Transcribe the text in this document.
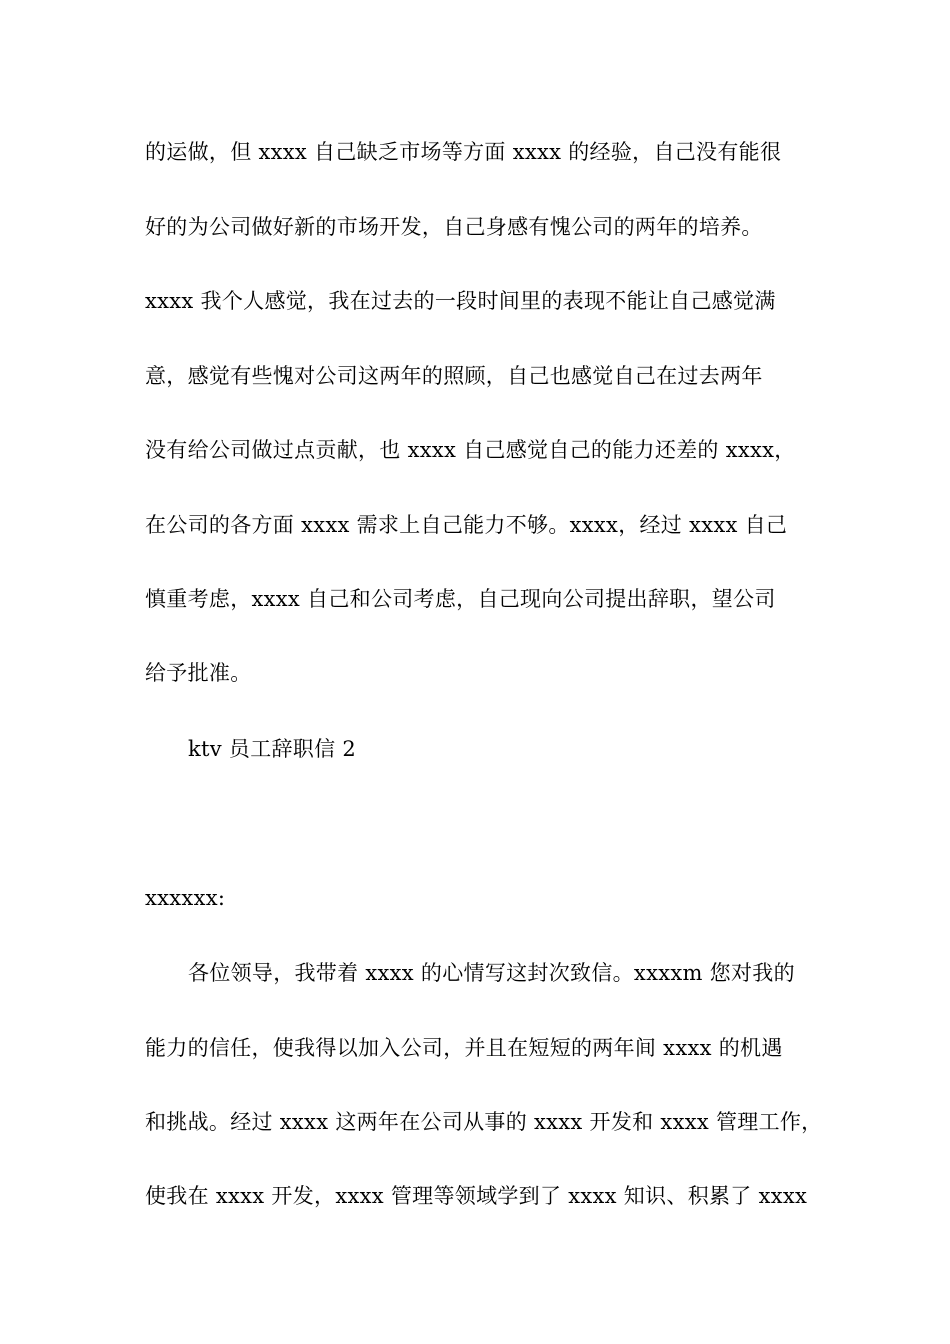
的运做，但 xxxx 自己缺乏市场等方面 xxxx 的经验，自己没有能很
好的为公司做好新的市场开发，自己身感有愧公司的两年的培养。
xxxx 我个人感觉，我在过去的一段时间里的表现不能让自己感觉满
意，感觉有些愧对公司这两年的照顾，自己也感觉自己在过去两年
没有给公司做过点贡献，也 xxxx 自己感觉自己的能力还差的 xxxx，
在公司的各方面 xxxx 需求上自己能力不够。xxxx，经过 xxxx 自己
慎重考虑，xxxx 自己和公司考虑，自己现向公司提出辞职，望公司
给予批准。
ktv 员工辞职信 2
xxxxxx:
各位领导，我带着 xxxx 的心情写这封次致信。xxxxm 您对我的
能力的信任，使我得以加入公司，并且在短短的两年间 xxxx 的机遇
和挑战。经过 xxxx 这两年在公司从事的 xxxx 开发和 xxxx 管理工作，
使我在 xxxx 开发，xxxx 管理等领域学到了 xxxx 知识、积累了 xxxx
